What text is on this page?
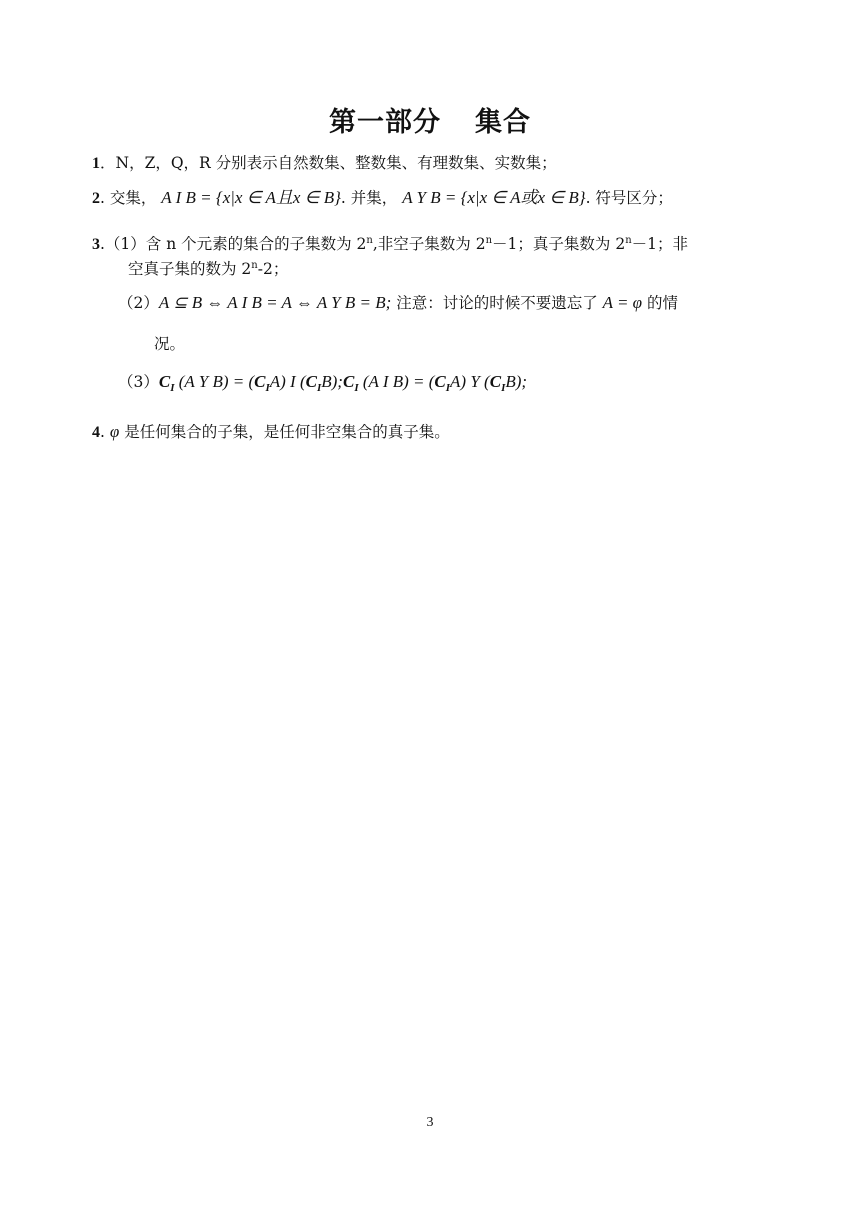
第一部分 集合
1．N，Z，Q，R 分别表示自然数集、整数集、有理数集、实数集；
2. 交集， A I B = {x|x ∈ A且x ∈ B}. 并集， A Y B = {x|x ∈ A或x ∈ B}. 符号区分；
3.（1）含 n 个元素的集合的子集数为 2$^n$,非空子集数为 $2^n-1$；真子集数为 $2^n-1$；非
空真子集的数为 2$^n$-2；
（2）A ⊆ B ⇔ A I B = A ⇔ A Y B = B; 注意：讨论的时候不要遗忘了 A = φ 的情
况。
$(3)C_I$ (A Y $B) = (C_IA)$ I $(C_IB);C_I$ (A I $B) = (C_IA)$ Y $(C_IB)$;
4. φ 是任何集合的子集，是任何非空集合的真子集。
3
